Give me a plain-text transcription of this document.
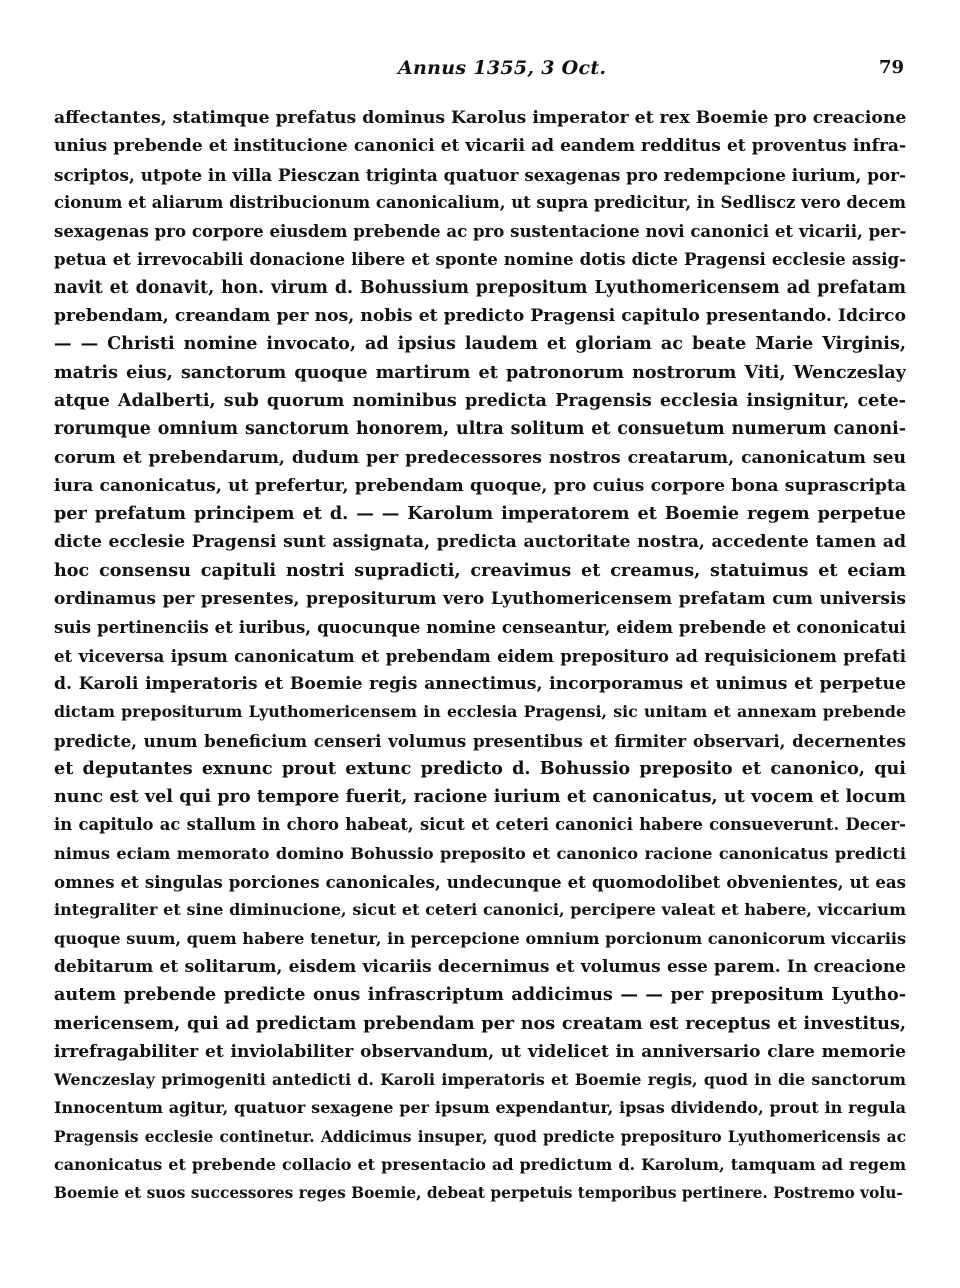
Annus 1355, 3 Oct.	79
affectantes, statimque prefatus dominus Karolus imperator et rex Boemie pro creacione
unius prebende et institucione canonici et vicarii ad eandem redditus et proventus infra-
scriptos, utpote in villa Piesczan triginta quatuor sexagenas pro redempcione iurium, por-
cionum et aliarum distribucionum canonicalium, ut supra predicitur, in Sedliscz vero decem
sexagenas pro corpore eiusdem prebende ac pro sustentacione novi canonici et vicarii, per-
petua et irrevocabili donacione libere et sponte nomine dotis dicte Pragensi ecclesie assig-
navit et donavit, hon. virum d. Bohussium prepositum Lyuthomericensem ad prefatam
prebendam, creandam per nos, nobis et predicto Pragensi capitulo presentando. Idcirco
— — Christi nomine invocato, ad ipsius laudem et gloriam ac beate Marie Virginis,
matris eius, sanctorum quoque martirum et patronorum nostrorum Viti, Wenczeslay
atque Adalberti, sub quorum nominibus predicta Pragensis ecclesia insignitur, cete-
rorumque omnium sanctorum honorem, ultra solitum et consuetum numerum canoni-
corum et prebendarum, dudum per predecessores nostros creatarum, canonicatum seu
iura canonicatus, ut prefertur, prebendam quoque, pro cuius corpore bona suprascripta
per prefatum principem et d. — — Karolum imperatorem et Boemie regem perpetue
dicte ecclesie Pragensi sunt assignata, predicta auctoritate nostra, accedente tamen ad
hoc consensu capituli nostri supradicti, creavimus et creamus, statuimus et eciam
ordinamus per presentes, prepositurum vero Lyuthomericensem prefatam cum universis
suis pertinenciis et iuribus, quocunque nomine censeantur, eidem prebende et cononicatui
et viceversa ipsum canonicatum et prebendam eidem preposituro ad requisicionem prefati
d. Karoli imperatoris et Boemie regis annectimus, incorporamus et unimus et perpetue
dictam prepositurum Lyuthomericensem in ecclesia Pragensi, sic unitam et annexam prebende
predicte, unum beneficium censeri volumus presentibus et firmiter observari, decernentes
et deputantes exnunc prout extunc predicto d. Bohussio preposito et canonico, qui
nunc est vel qui pro tempore fuerit, racione iurium et canonicatus, ut vocem et locum
in capitulo ac stallum in choro habeat, sicut et ceteri canonici habere consueverunt. Decer-
nimus eciam memorato domino Bohussio preposito et canonico racione canonicatus predicti
omnes et singulas porciones canonicales, undecunque et quomodolibet obvenientes, ut eas
integraliter et sine diminucione, sicut et ceteri canonici, percipere valeat et habere, viccarium
quoque suum, quem habere tenetur, in percepcione omnium porcionum canonicorum viccariis
debitarum et solitarum, eisdem vicariis decernimus et volumus esse parem. In creacione
autem prebende predicte onus infrascriptum addicimus — — per prepositum Lyutho-
mericensem, qui ad predictam prebendam per nos creatam est receptus et investitus,
irrefragabiliter et inviolabiliter observandum, ut videlicet in anniversario clare memorie
Wenczeslay primogeniti antedicti d. Karoli imperatoris et Boemie regis, quod in die sanctorum
Innocentum agitur, quatuor sexagene per ipsum expendantur, ipsas dividendo, prout in regula
Pragensis ecclesie continetur. Addicimus insuper, quod predicte preposituro Lyuthomericensis ac
canonicatus et prebende collacio et presentacio ad predictum d. Karolum, tamquam ad regem
Boemie et suos successores reges Boemie, debeat perpetuis temporibus pertinere. Postremo volu-
